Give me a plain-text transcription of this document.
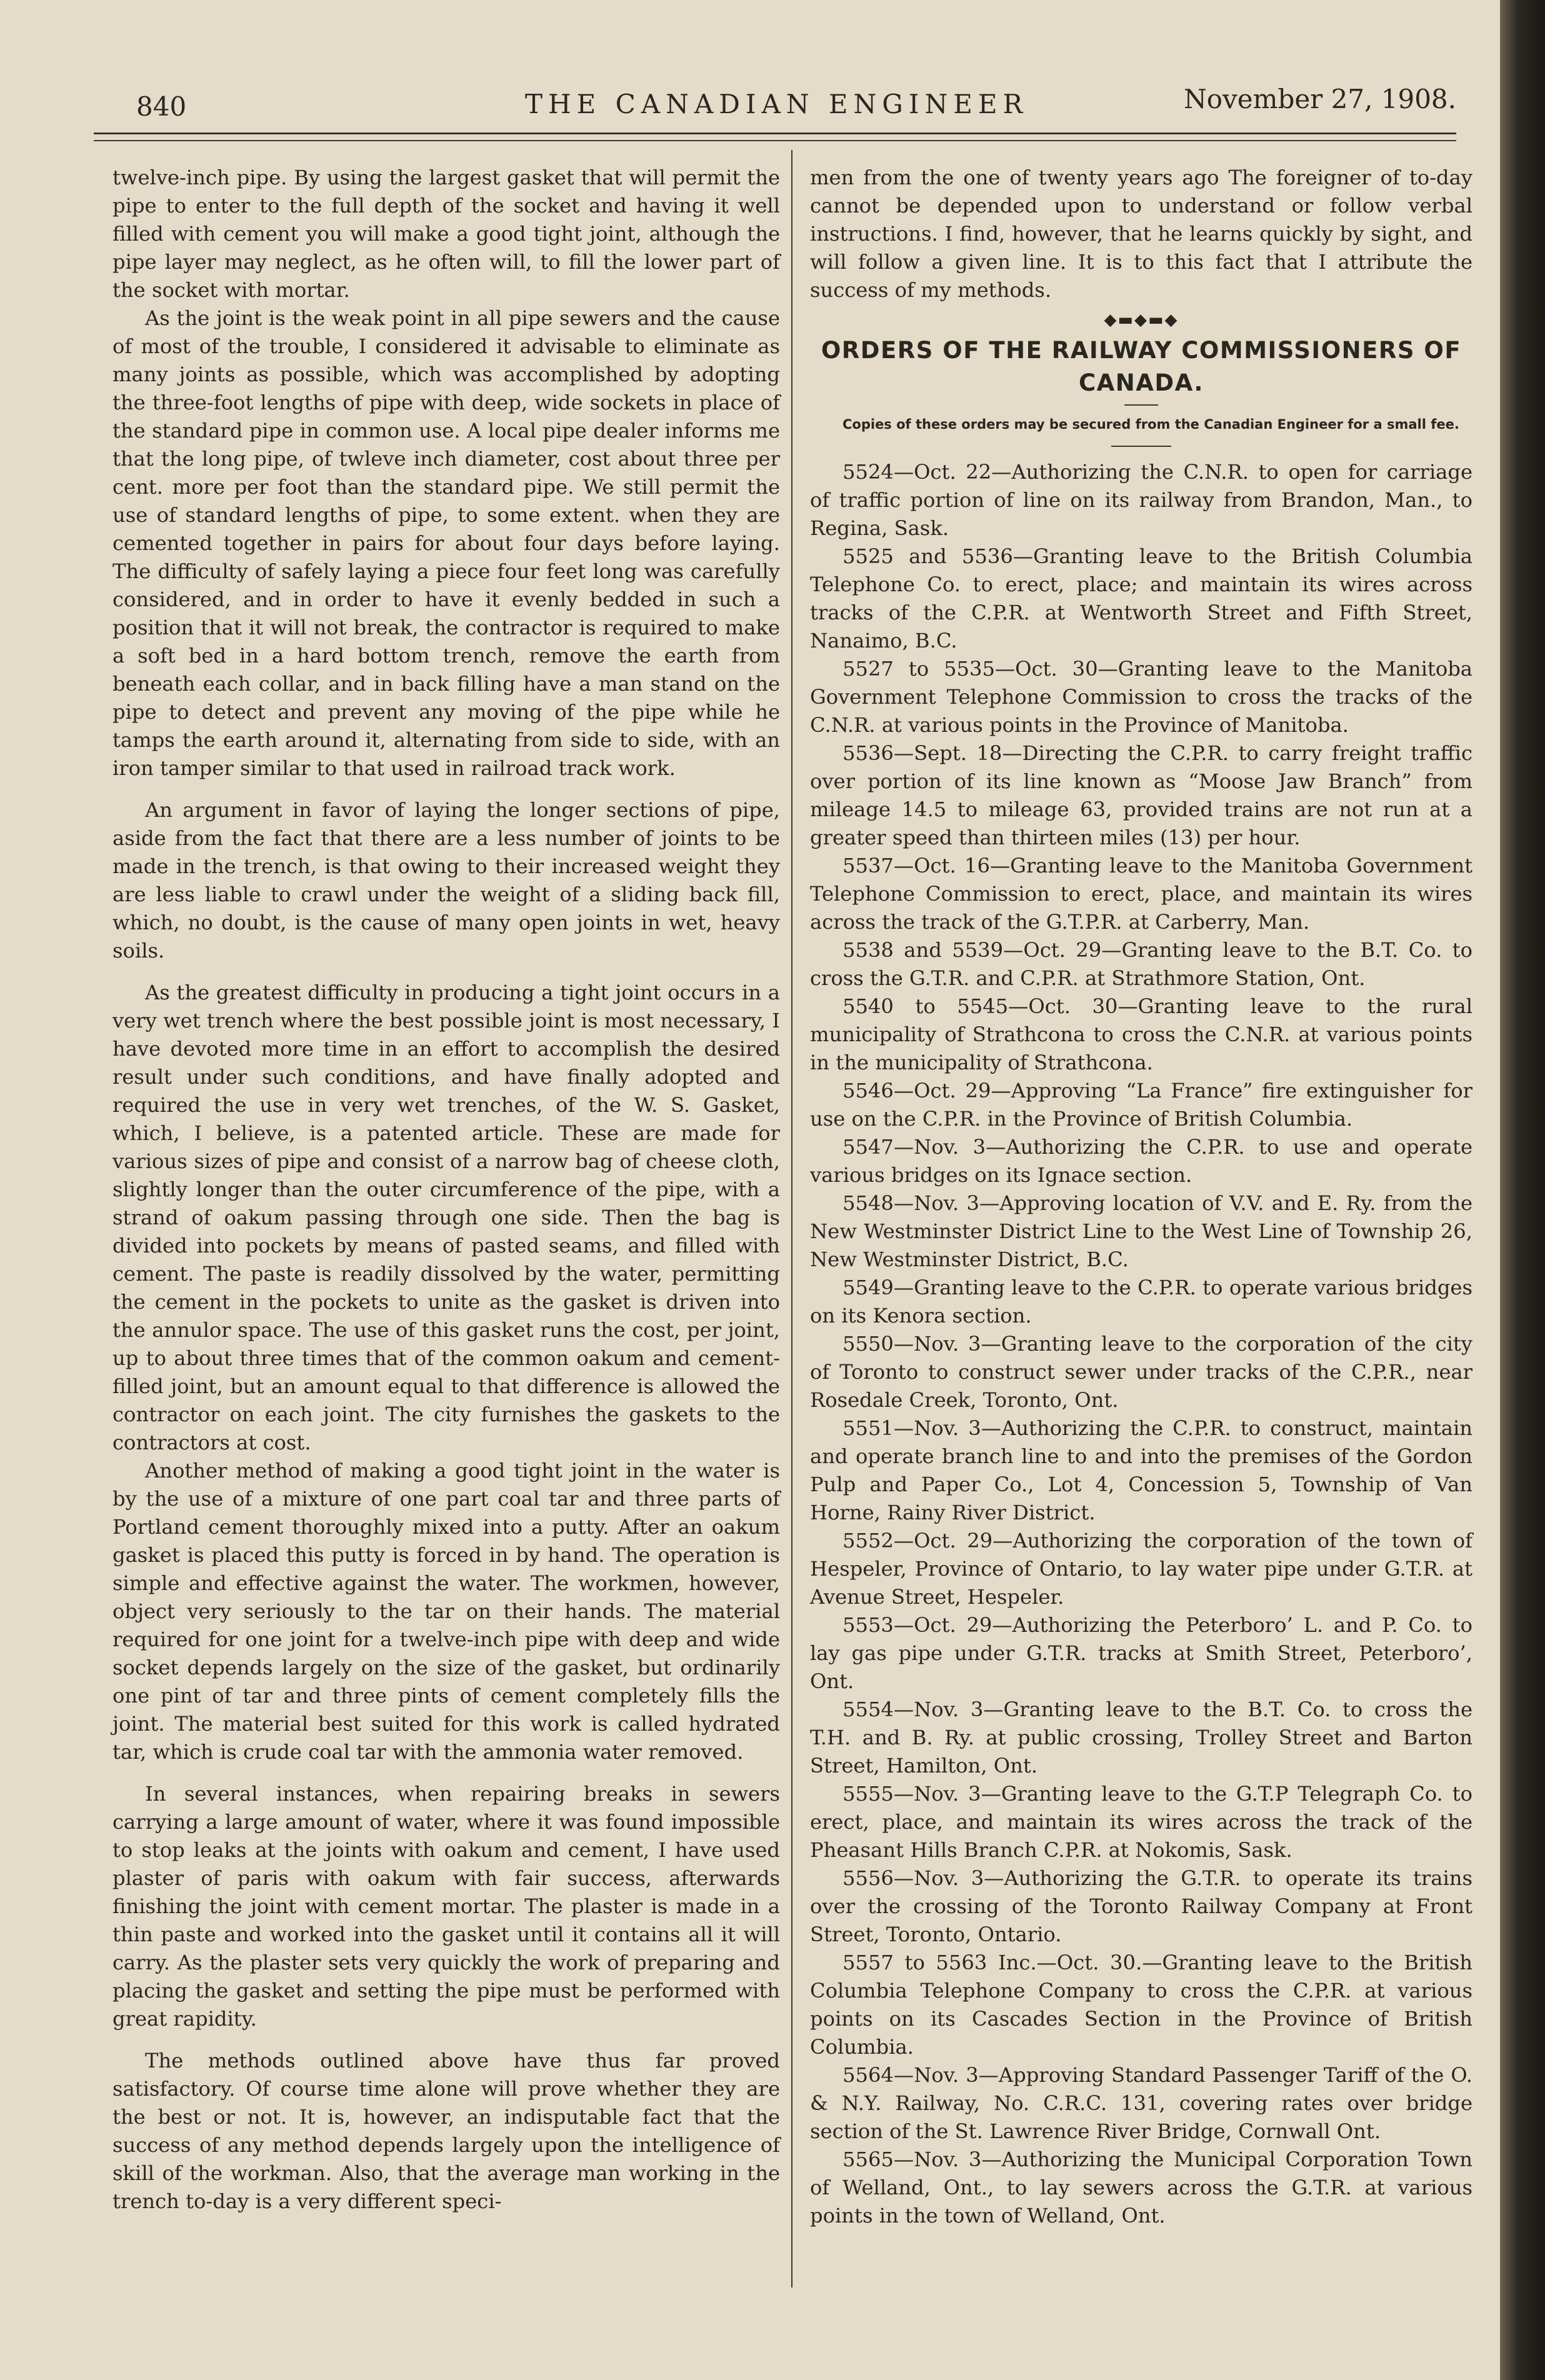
840	THE CANADIAN ENGINEER	November 27, 1908.

twelve-inch pipe. By using the largest gasket that will permit the pipe to enter to the full depth of the socket and having it well filled with cement you will make a good tight joint, although the pipe layer may neglect, as he often will, to fill the lower part of the socket with mortar.

As the joint is the weak point in all pipe sewers and the cause of most of the trouble, I considered it advisable to eliminate as many joints as possible, which was accomplished by adopting the three-foot lengths of pipe with deep, wide sockets in place of the standard pipe in common use. A local pipe dealer informs me that the long pipe, of twleve inch diameter, cost about three per cent. more per foot than the standard pipe. We still permit the use of standard lengths of pipe, to some extent. when they are cemented together in pairs for about four days before laying. The difficulty of safely laying a piece four feet long was carefully considered, and in order to have it evenly bedded in such a position that it will not break, the contractor is required to make a soft bed in a hard bottom trench, remove the earth from beneath each collar, and in back filling have a man stand on the pipe to detect and prevent any moving of the pipe while he tamps the earth around it, alternating from side to side, with an iron tamper similar to that used in railroad track work.

An argument in favor of laying the longer sections of pipe, aside from the fact that there are a less number of joints to be made in the trench, is that owing to their increased weight they are less liable to crawl under the weight of a sliding back fill, which, no doubt, is the cause of many open joints in wet, heavy soils.

As the greatest difficulty in producing a tight joint occurs in a very wet trench where the best possible joint is most necessary, I have devoted more time in an effort to accomplish the desired result under such conditions, and have finally adopted and required the use in very wet trenches, of the W. S. Gasket, which, I believe, is a patented article. These are made for various sizes of pipe and consist of a narrow bag of cheese cloth, slightly longer than the outer circumference of the pipe, with a strand of oakum passing through one side. Then the bag is divided into pockets by means of pasted seams, and filled with cement. The paste is readily dissolved by the water, permitting the cement in the pockets to unite as the gasket is driven into the annulor space. The use of this gasket runs the cost, per joint, up to about three times that of the common oakum and cement-filled joint, but an amount equal to that difference is allowed the contractor on each joint. The city furnishes the gaskets to the contractors at cost.

Another method of making a good tight joint in the water is by the use of a mixture of one part coal tar and three parts of Portland cement thoroughly mixed into a putty. After an oakum gasket is placed this putty is forced in by hand. The operation is simple and effective against the water. The workmen, however, object very seriously to the tar on their hands. The material required for one joint for a twelve-inch pipe with deep and wide socket depends largely on the size of the gasket, but ordinarily one pint of tar and three pints of cement completely fills the joint. The material best suited for this work is called hydrated tar, which is crude coal tar with the ammonia water removed.

In several instances, when repairing breaks in sewers carrying a large amount of water, where it was found impossible to stop leaks at the joints with oakum and cement, I have used plaster of paris with oakum with fair success, afterwards finishing the joint with cement mortar. The plaster is made in a thin paste and worked into the gasket until it contains all it will carry. As the plaster sets very quickly the work of preparing and placing the gasket and setting the pipe must be performed with great rapidity.

The methods outlined above have thus far proved satisfactory. Of course time alone will prove whether they are the best or not. It is, however, an indisputable fact that the success of any method depends largely upon the intelligence of skill of the workman. Also, that the average man working in the trench to-day is a very different speci-

men from the one of twenty years ago The foreigner of to-day cannot be depended upon to understand or follow verbal instructions. I find, however, that he learns quickly by sight, and will follow a given line. It is to this fact that I attribute the success of my methods.

◆▬◆▬◆
ORDERS OF THE RAILWAY COMMISSIONERS OF CANADA.

Copies of these orders may be secured from the Canadian Engineer for a small fee.

5524—Oct. 22—Authorizing the C.N.R. to open for carriage of traffic portion of line on its railway from Brandon, Man., to Regina, Sask.

5525 and 5536—Granting leave to the British Columbia Telephone Co. to erect, place; and maintain its wires across tracks of the C.P.R. at Wentworth Street and Fifth Street, Nanaimo, B.C.

5527 to 5535—Oct. 30—Granting leave to the Manitoba Government Telephone Commission to cross the tracks of the C.N.R. at various points in the Province of Manitoba.

5536—Sept. 18—Directing the C.P.R. to carry freight traffic over portion of its line known as “Moose Jaw Branch” from mileage 14.5 to mileage 63, provided trains are not run at a greater speed than thirteen miles (13) per hour.

5537—Oct. 16—Granting leave to the Manitoba Government Telephone Commission to erect, place, and maintain its wires across the track of the G.T.P.R. at Carberry, Man.

5538 and 5539—Oct. 29—Granting leave to the B.T. Co. to cross the G.T.R. and C.P.R. at Strathmore Station, Ont.

5540 to 5545—Oct. 30—Granting leave to the rural municipality of Strathcona to cross the C.N.R. at various points in the municipality of Strathcona.

5546—Oct. 29—Approving “La France” fire extinguisher for use on the C.P.R. in the Province of British Columbia.

5547—Nov. 3—Authorizing the C.P.R. to use and operate various bridges on its Ignace section.

5548—Nov. 3—Approving location of V.V. and E. Ry. from the New Westminster District Line to the West Line of Township 26, New Westminster District, B.C.

5549—Granting leave to the C.P.R. to operate various bridges on its Kenora section.

5550—Nov. 3—Granting leave to the corporation of the city of Toronto to construct sewer under tracks of the C.P.R., near Rosedale Creek, Toronto, Ont.

5551—Nov. 3—Authorizing the C.P.R. to construct, maintain and operate branch line to and into the premises of the Gordon Pulp and Paper Co., Lot 4, Concession 5, Township of Van Horne, Rainy River District.

5552—Oct. 29—Authorizing the corporation of the town of Hespeler, Province of Ontario, to lay water pipe under G.T.R. at Avenue Street, Hespeler.

5553—Oct. 29—Authorizing the Peterboro’ L. and P. Co. to lay gas pipe under G.T.R. tracks at Smith Street, Peterboro’, Ont.

5554—Nov. 3—Granting leave to the B.T. Co. to cross the T.H. and B. Ry. at public crossing, Trolley Street and Barton Street, Hamilton, Ont.

5555—Nov. 3—Granting leave to the G.T.P Telegraph Co. to erect, place, and maintain its wires across the track of the Pheasant Hills Branch C.P.R. at Nokomis, Sask.

5556—Nov. 3—Authorizing the G.T.R. to operate its trains over the crossing of the Toronto Railway Company at Front Street, Toronto, Ontario.

5557 to 5563 Inc.—Oct. 30.—Granting leave to the British Columbia Telephone Company to cross the C.P.R. at various points on its Cascades Section in the Province of British Columbia.

5564—Nov. 3—Approving Standard Passenger Tariff of the O. & N.Y. Railway, No. C.R.C. 131, covering rates over bridge section of the St. Lawrence River Bridge, Cornwall Ont.

5565—Nov. 3—Authorizing the Municipal Corporation Town of Welland, Ont., to lay sewers across the G.T.R. at various points in the town of Welland, Ont.
